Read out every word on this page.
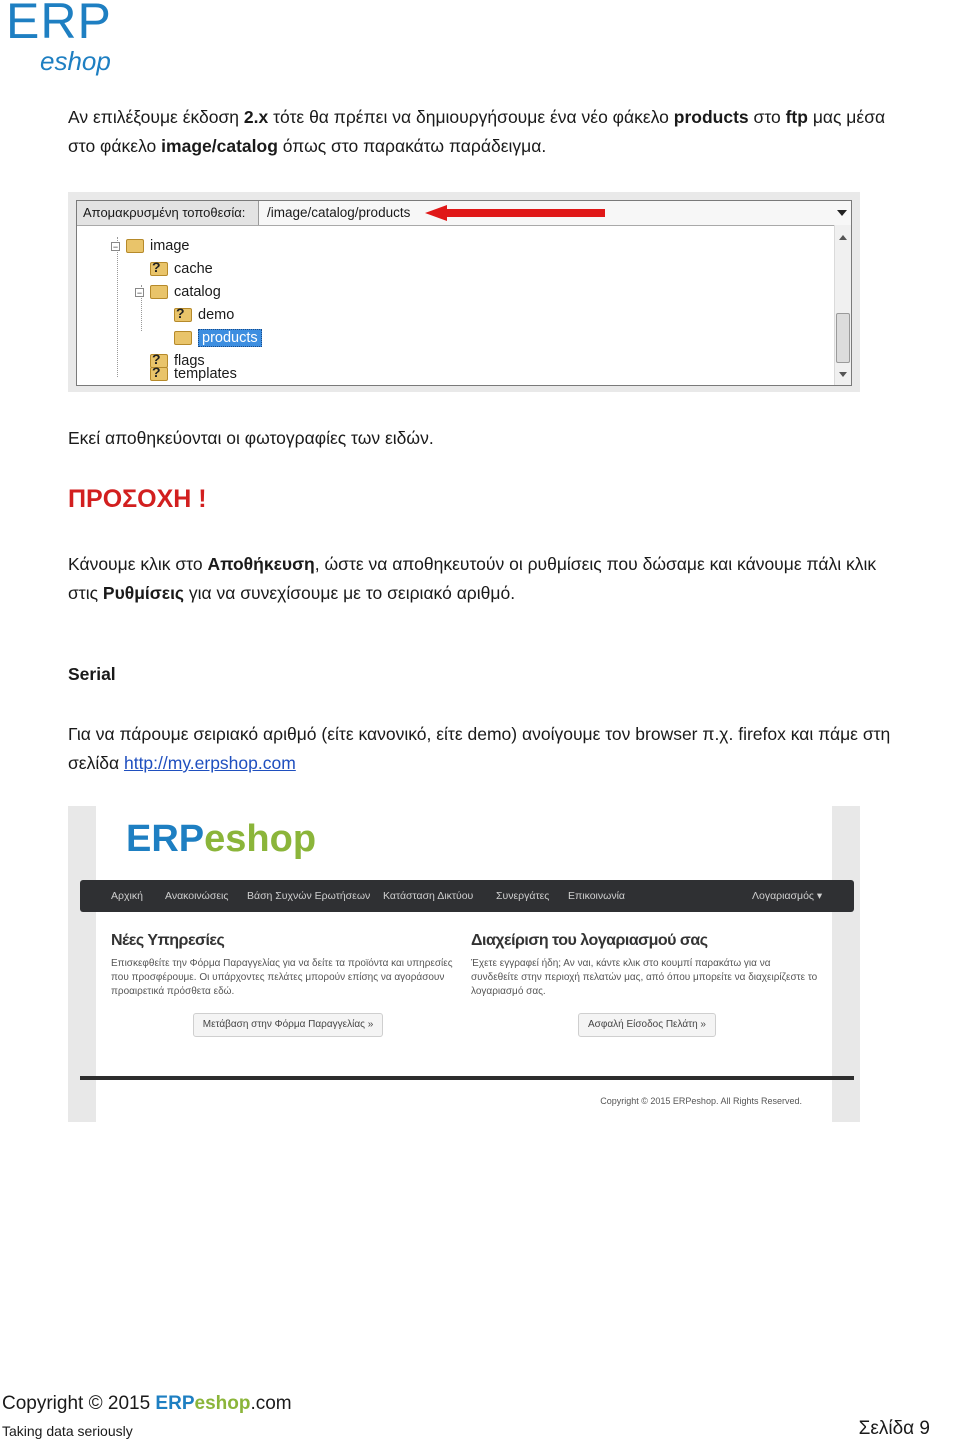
ERP
eshop
Αν επιλέξουμε έκδοση 2.x τότε θα πρέπει να δημιουργήσουμε ένα νέο φάκελο products στο ftp μας μέσα
στο φάκελο image/catalog όπως στο παρακάτω παράδειγμα.
Απομακρυσμένη τοποθεσία:	/image/catalog/products
− image
? cache
− catalog
? demo
products
? flags
? templates
Εκεί αποθηκεύονται οι φωτογραφίες των ειδών.
ΠΡΟΣΟΧΗ !
Κάνουμε κλικ στο Αποθήκευση, ώστε να αποθηκευτούν οι ρυθμίσεις που δώσαμε και κάνουμε πάλι κλικ
στις Ρυθμίσεις για να συνεχίσουμε με το σειριακό αριθμό.
Serial
Για να πάρουμε σειριακό αριθμό (είτε κανονικό, είτε demo) ανοίγουμε τον browser π.χ. firefox και πάμε στη
σελίδα http://my.erpshop.com
ERPeshop
Αρχική Ανακοινώσεις Βάση Συχνών Ερωτήσεων Κατάσταση Δικτύου Συνεργάτες Επικοινωνία	Λογαριασμός ▾
Νέες Υπηρεσίες
Επισκεφθείτε την Φόρμα Παραγγελίας για να δείτε τα προϊόντα και υπηρεσίες
που προσφέρουμε. Οι υπάρχοντες πελάτες μπορούν επίσης να αγοράσουν
προαιρετικά πρόσθετα εδώ.
Μετάβαση στην Φόρμα Παραγγελίας »
Διαχείριση του λογαριασμού σας
Έχετε εγγραφεί ήδη; Αν ναι, κάντε κλικ στο κουμπί παρακάτω για να
συνδεθείτε στην περιοχή πελατών μας, από όπου μπορείτε να διαχειρίζεστε το
λογαριασμό σας.
Ασφαλή Είσοδος Πελάτη »
Copyright © 2015 ERPeshop. All Rights Reserved.
Copyright © 2015 ERPeshop.com
Taking data seriously	Σελίδα 9
